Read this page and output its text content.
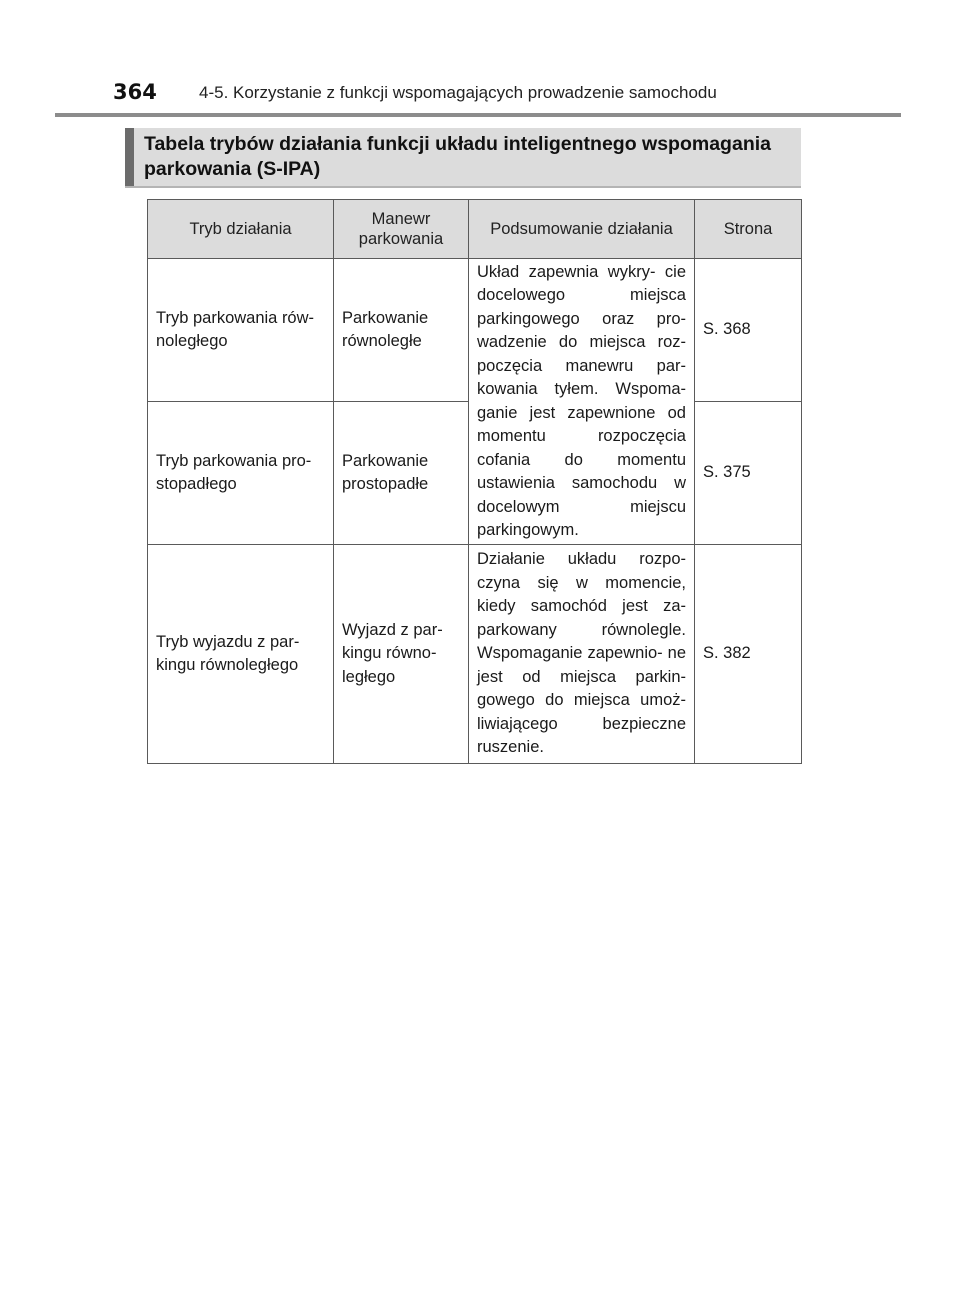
364 4-5. Korzystanie z funkcji wspomagających prowadzenie samochodu
Tabela trybów działania funkcji układu inteligentnego wspomagania parkowania (S-IPA)
Tryb działania	Manewr parkowania	Podsumowanie działania	Strona
Tryb parkowania rów- noległego	Parkowanie równoległe	Układ zapewnia wykry- cie docelowego miejsca parkingowego oraz pro- wadzenie do miejsca roz- poczęcia manewru par- kowania tyłem. Wspoma- ganie jest zapewnione od momentu rozpoczęcia cofania do momentu ustawienia samochodu w docelowym miejscu parkingowym.	S. 368
Tryb parkowania pro- stopadłego	Parkowanie prostopadłe		S. 375
Tryb wyjazdu z par- kingu równoległego	Wyjazd z par- kingu równo- ległego	Działanie układu rozpo- czyna się w momencie, kiedy samochód jest za- parkowany równolegle. Wspomaganie zapewnio- ne jest od miejsca parkin- gowego do miejsca umoż- liwiającego bezpieczne ruszenie.	S. 382
